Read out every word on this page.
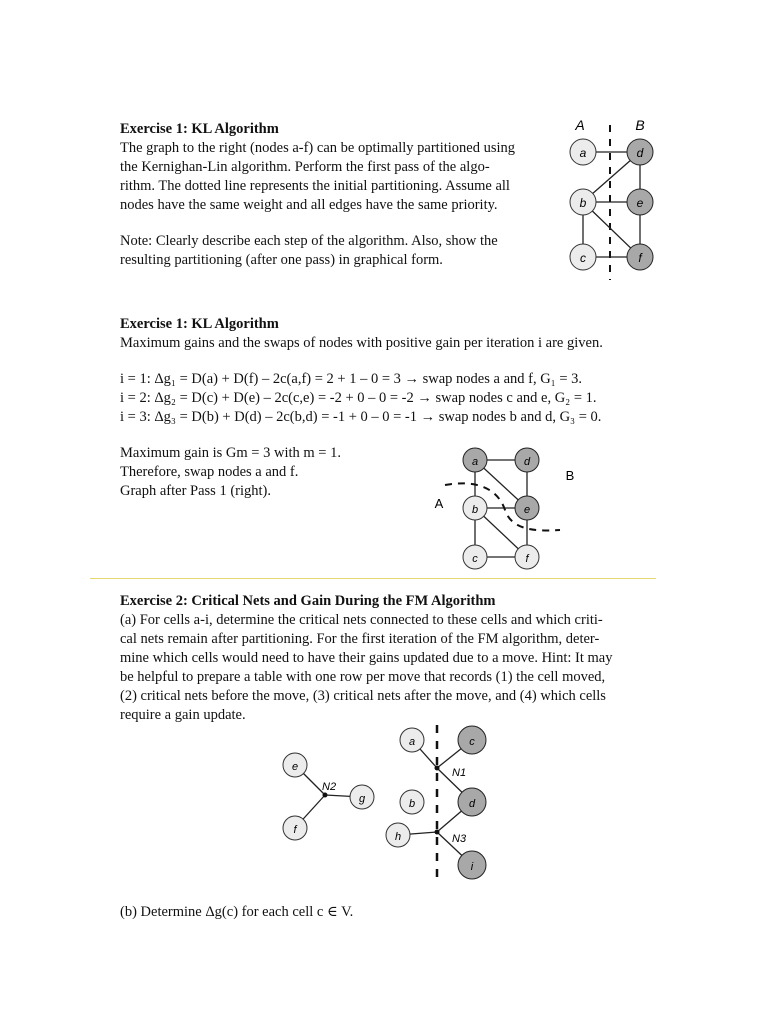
Exercise 1: KL Algorithm
The graph to the right (nodes a-f) can be optimally partitioned using
the Kernighan-Lin algorithm. Perform the first pass of the algo-
rithm. The dotted line represents the initial partitioning. Assume all
nodes have the same weight and all edges have the same priority.
Note: Clearly describe each step of the algorithm. Also, show the
resulting partitioning (after one pass) in graphical form.
A	B
a
b
c
d
e
f
Exercise 1: KL Algorithm
Maximum gains and the swaps of nodes with positive gain per iteration i are given.
i = 1: Δg₁ = D(a) + D(f) – 2c(a,f) = 2 + 1 – 0 = 3 → swap nodes a and f, G₁ = 3.
i = 2: Δg₂ = D(c) + D(e) – 2c(c,e) = -2 + 0 – 0 = -2 → swap nodes c and e, G₂ = 1.
i = 3: Δg₃ = D(b) + D(d) – 2c(b,d) = -1 + 0 – 0 = -1 → swap nodes b and d, G₃ = 0.
Maximum gain is Gm = 3 with m = 1.
Therefore, swap nodes a and f.
Graph after Pass 1 (right).
B
A
a
b
c
d
e
f
Exercise 2: Critical Nets and Gain During the FM Algorithm
(a) For cells a-i, determine the critical nets connected to these cells and which criti-
cal nets remain after partitioning. For the first iteration of the FM algorithm, deter-
mine which cells would need to have their gains updated due to a move. Hint: It may
be helpful to prepare a table with one row per move that records (1) the cell moved,
(2) critical nets before the move, (3) critical nets after the move, and (4) which cells
require a gain update.
N2
N1
N3
e
f
g
a
b
h
c
d
i
(b) Determine Δg(c) for each cell c ∈ V.
